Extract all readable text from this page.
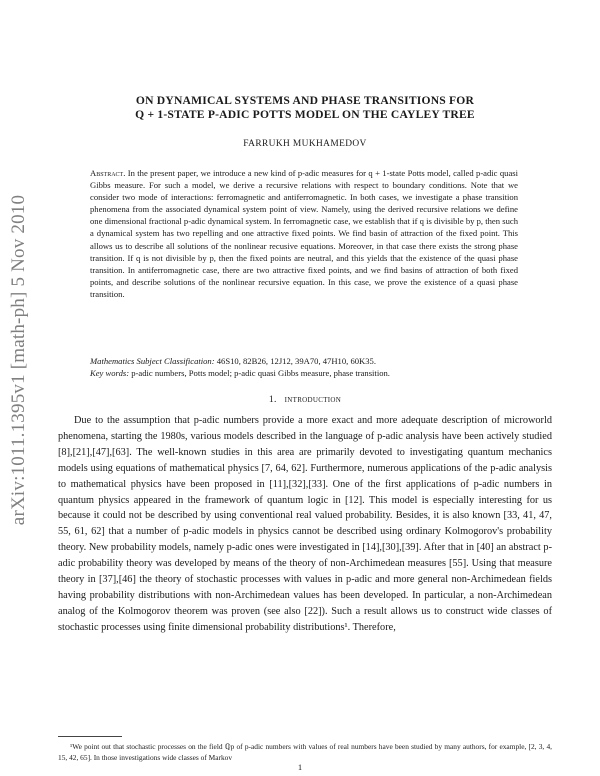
arXiv:1011.1395v1 [math-ph] 5 Nov 2010
ON DYNAMICAL SYSTEMS AND PHASE TRANSITIONS FOR
Q + 1-STATE P-ADIC POTTS MODEL ON THE CAYLEY TREE
FARRUKH MUKHAMEDOV
Abstract. In the present paper, we introduce a new kind of p-adic measures for q + 1-state Potts model, called p-adic quasi Gibbs measure. For such a model, we derive a recursive relations with respect to boundary conditions. Note that we consider two mode of interactions: ferromagnetic and antiferromagnetic. In both cases, we investigate a phase transition phenomena from the associated dynamical system point of view. Namely, using the derived recursive relations we define one dimensional fractional p-adic dynamical system. In ferromagnetic case, we establish that if q is divisible by p, then such a dynamical system has two repelling and one attractive fixed points. We find basin of attraction of the fixed point. This allows us to describe all solutions of the nonlinear recusive equations. Moreover, in that case there exists the strong phase transition. If q is not divisible by p, then the fixed points are neutral, and this yields that the existence of the quasi phase transition. In antiferromagnetic case, there are two attractive fixed points, and we find basins of attraction of both fixed points, and describe solutions of the nonlinear recursive equation. In this case, we prove the existence of a quasi phase transition.

Mathematics Subject Classification: 46S10, 82B26, 12J12, 39A70, 47H10, 60K35.

Key words: p-adic numbers, Potts model; p-adic quasi Gibbs measure, phase transition.

1. introduction
Due to the assumption that p-adic numbers provide a more exact and more adequate description of microworld phenomena, starting the 1980s, various models described in the language of p-adic analysis have been actively studied [8],[21],[47],[63]. The well-known studies in this area are primarily devoted to investigating quantum mechanics models using equations of mathematical physics [7, 64, 62]. Furthermore, numerous applications of the p-adic analysis to mathematical physics have been proposed in [11],[32],[33]. One of the first applications of p-adic numbers in quantum physics appeared in the framework of quantum logic in [12]. This model is especially interesting for us because it could not be described by using conventional real valued probability. Besides, it is also known [33, 41, 47, 55, 61, 62] that a number of p-adic models in physics cannot be described using ordinary Kolmogorov's probability theory. New probability models, namely p-adic ones were investigated in [14],[30],[39]. After that in [40] an abstract p-adic probability theory was developed by means of the theory of non-Archimedean measures [55]. Using that measure theory in [37],[46] the theory of stochastic processes with values in p-adic and more general non-Archimedean fields having probability distributions with non-Archimedean values has been developed. In particular, a non-Archimedean analog of the Kolmogorov theorem was proven (see also [22]). Such a result allows us to construct wide classes of stochastic processes using finite dimensional probability distributions¹. Therefore,
¹We point out that stochastic processes on the field ℚp of p-adic numbers with values of real numbers have been studied by many authors, for example, [2, 3, 4, 15, 42, 65]. In those investigations wide classes of Markov
1
